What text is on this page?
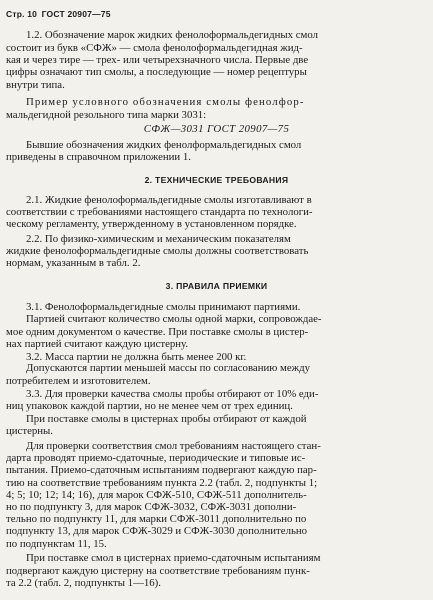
Стр. 10 ГОСТ 20907—75
1.2. Обозначение марок жидких фенолоформальдегидных смол
состоит из букв «СФЖ» — смола фенолоформальдегидная жид-
кая и через тире — трех- или четырехзначного числа. Первые две
цифры означают тип смолы, а последующие — номер рецептуры
внутри типа.
Пример условного обозначения смолы фенолфор-
мальдегидной резольного типа марки 3031:
СФЖ—3031 ГОСТ 20907—75
Бывшие обозначения жидких фенолформальдегидных смол
приведены в справочном приложении 1.
2. ТЕХНИЧЕСКИЕ ТРЕБОВАНИЯ
2.1. Жидкие фенолоформальдегидные смолы изготавливают в
соответствии с требованиями настоящего стандарта по технологи-
ческому регламенту, утвержденному в установленном порядке.
2.2. По физико-химическим и механическим показателям
жидкие фенолоформальдегидные смолы должны соответствовать
нормам, указанным в табл. 2.
3. ПРАВИЛА ПРИЕМКИ
3.1. Фенолоформальдегидные смолы принимают партиями.
Партией считают количество смолы одной марки, сопровождае-
мое одним документом о качестве. При поставке смолы в цистер-
нах партией считают каждую цистерну.
3.2. Масса партии не должна быть менее 200 кг.
Допускаются партии меньшей массы по согласованию между
потребителем и изготовителем.
3.3. Для проверки качества смолы пробы отбирают от 10% еди-
ниц упаковок каждой партии, но не менее чем от трех единиц.
При поставке смолы в цистернах пробы отбирают от каждой
цистерны.
Для проверки соответствия смол требованиям настоящего стан-
дарта проводят приемо-сдаточные, периодические и типовые ис-
пытания. Приемо-сдаточным испытаниям подвергают каждую пар-
тию на соответствие требованиям пункта 2.2 (табл. 2, подпункты 1;
4; 5; 10; 12; 14; 16), для марок СФЖ-510, СФЖ-511 дополнитель-
но по подпункту 3, для марок СФЖ-3032, СФЖ-3031 дополни-
тельно по подпункту 11, для марки СФЖ-3011 дополнительно по
подпункту 13, для марок СФЖ-3029 и СФЖ-3030 дополнительно
по подпунктам 11, 15.
При поставке смол в цистернах приемо-сдаточным испытаниям
подвергают каждую цистерну на соответствие требованиям пунк-
та 2.2 (табл. 2, подпункты 1—16).
